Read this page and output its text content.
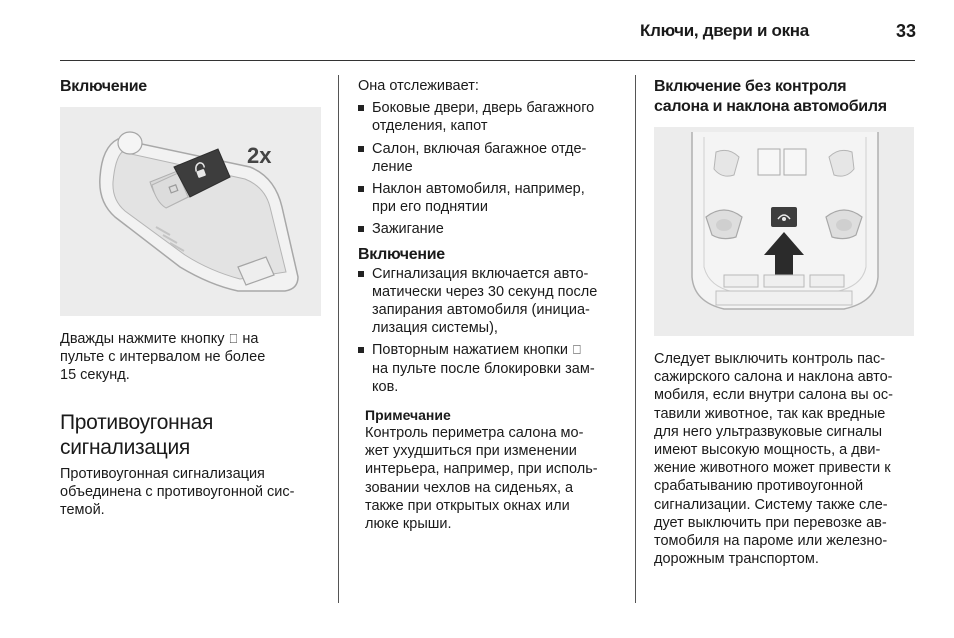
Ключи, двери и окна	33
Включение
2x

Дважды нажмите кнопку ⎕ на
пульте с интервалом не более
15 секунд.

Противоугонная
сигнализация

Противоугонная сигнализация
объединена с противоугонной сис-
темой.

Она отслеживает:

Боковые двери, дверь багажного
отделения, капот
Салон, включая багажное отде-
ление
Наклон автомобиля, например,
при его поднятии
Зажигание
Включение
Сигнализация включается авто-
матически через 30 секунд после
запирания автомобиля (инициа-
лизация системы),
Повторным нажатием кнопки ⎕
на пульте после блокировки зам-
ков.

Примечание

Контроль периметра салона мо-
жет ухудшиться при изменении
интерьера, например, при исполь-
зовании чехлов на сиденьях, а
также при открытых окнах или
люке крыши.

Включение без контроля
салона и наклона автомобиля

Следует выключить контроль пас-
сажирского салона и наклона авто-
мобиля, если внутри салона вы ос-
тавили животное, так как вредные
для него ультразвуковые сигналы
имеют высокую мощность, а дви-
жение животного может привести к
срабатыванию противоугонной
сигнализации. Систему также сле-
дует выключить при перевозке ав-
томобиля на пароме или железно-
дорожным транспортом.
